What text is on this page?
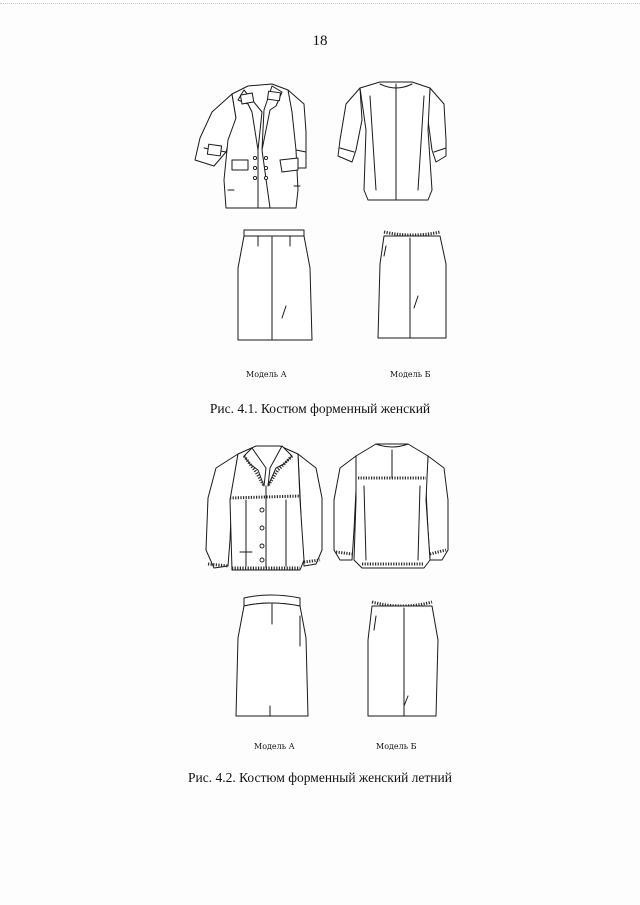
18
Модель А	Модель Б
Рис. 4.1. Костюм форменный женский
Модель А	Модель Б
Рис. 4.2. Костюм форменный женский летний
